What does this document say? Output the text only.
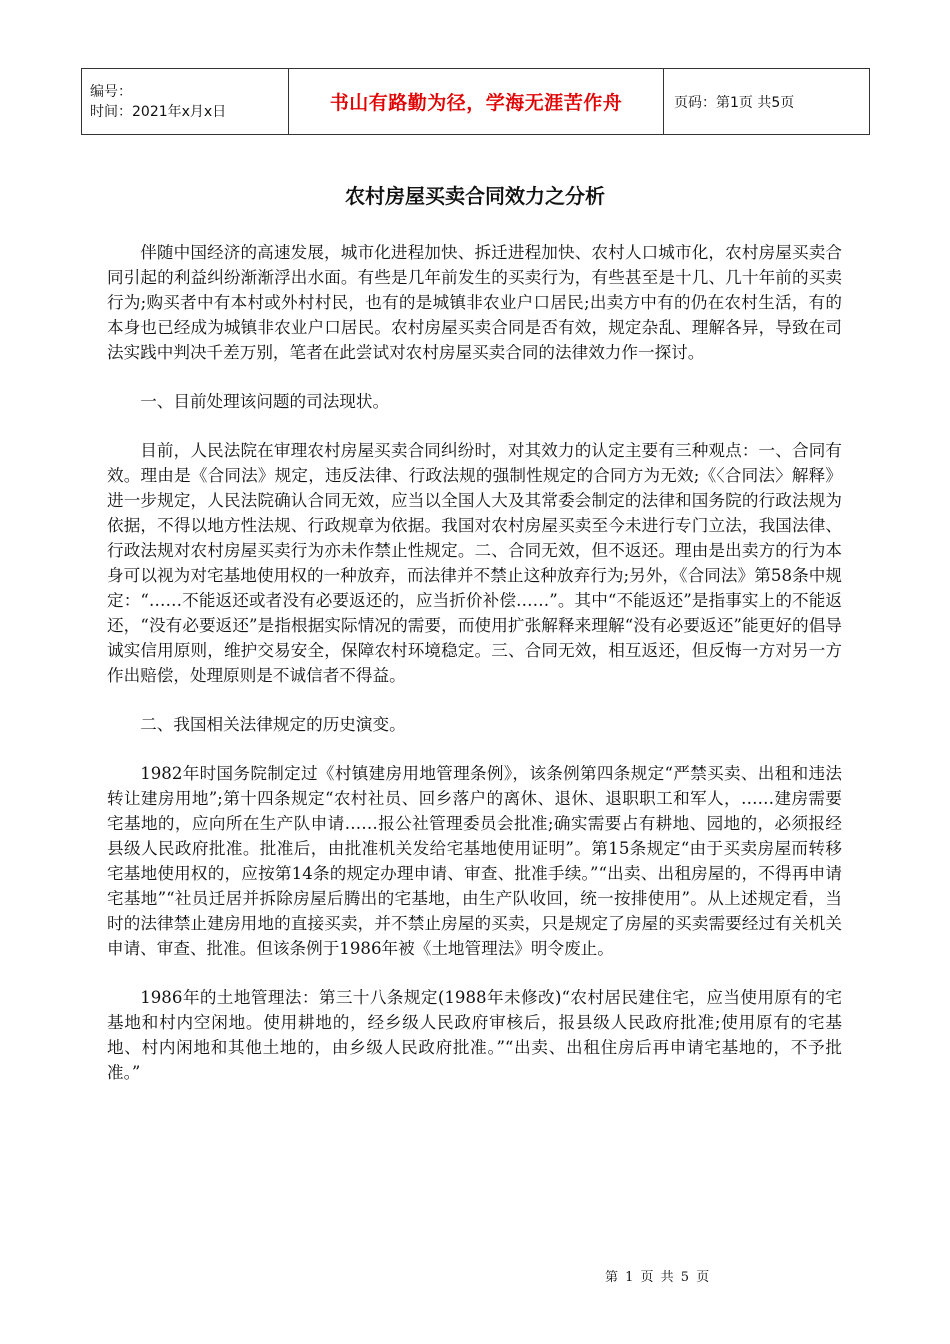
编号：
时间：2021年x月x日	书山有路勤为径，学海无涯苦作舟	页码：第1页 共5页
农村房屋买卖合同效力之分析

伴随中国经济的高速发展，城市化进程加快、拆迁进程加快、农村人口城市化，农村房屋买卖合同引起的利益纠纷渐渐浮出水面。有些是几年前发生的买卖行为，有些甚至是十几、几十年前的买卖行为;购买者中有本村或外村村民，也有的是城镇非农业户口居民;出卖方中有的仍在农村生活，有的本身也已经成为城镇非农业户口居民。农村房屋买卖合同是否有效，规定杂乱、理解各异，导致在司法实践中判决千差万别，笔者在此尝试对农村房屋买卖合同的法律效力作一探讨。

一、目前处理该问题的司法现状。

目前，人民法院在审理农村房屋买卖合同纠纷时，对其效力的认定主要有三种观点：一、合同有效。理由是《合同法》规定，违反法律、行政法规的强制性规定的合同方为无效;《〈合同法〉解释》进一步规定，人民法院确认合同无效，应当以全国人大及其常委会制定的法律和国务院的行政法规为依据，不得以地方性法规、行政规章为依据。我国对农村房屋买卖至今未进行专门立法，我国法律、行政法规对农村房屋买卖行为亦未作禁止性规定。二、合同无效，但不返还。理由是出卖方的行为本身可以视为对宅基地使用权的一种放弃，而法律并不禁止这种放弃行为;另外，《合同法》第58条中规定：“……不能返还或者没有必要返还的，应当折价补偿……”。其中“不能返还”是指事实上的不能返还，“没有必要返还”是指根据实际情况的需要，而使用扩张解释来理解“没有必要返还”能更好的倡导诚实信用原则，维护交易安全，保障农村环境稳定。三、合同无效，相互返还，但反悔一方对另一方作出赔偿，处理原则是不诚信者不得益。

二、我国相关法律规定的历史演变。

1982年时国务院制定过《村镇建房用地管理条例》，该条例第四条规定“严禁买卖、出租和违法转让建房用地”;第十四条规定“农村社员、回乡落户的离休、退休、退职职工和军人，……建房需要宅基地的，应向所在生产队申请……报公社管理委员会批准;确实需要占有耕地、园地的，必须报经县级人民政府批准。批准后，由批准机关发给宅基地使用证明”。第15条规定“由于买卖房屋而转移宅基地使用权的，应按第14条的规定办理申请、审查、批准手续。”“出卖、出租房屋的，不得再申请宅基地”“社员迁居并拆除房屋后腾出的宅基地，由生产队收回，统一按排使用”。从上述规定看，当时的法律禁止建房用地的直接买卖，并不禁止房屋的买卖，只是规定了房屋的买卖需要经过有关机关申请、审查、批准。但该条例于1986年被《土地管理法》明令废止。

1986年的土地管理法：第三十八条规定(1988年未修改)“农村居民建住宅，应当使用原有的宅基地和村内空闲地。使用耕地的，经乡级人民政府审核后，报县级人民政府批准;使用原有的宅基地、村内闲地和其他土地的，由乡级人民政府批准。”“出卖、出租住房后再申请宅基地的，不予批准。”

第 1 页 共 5 页
